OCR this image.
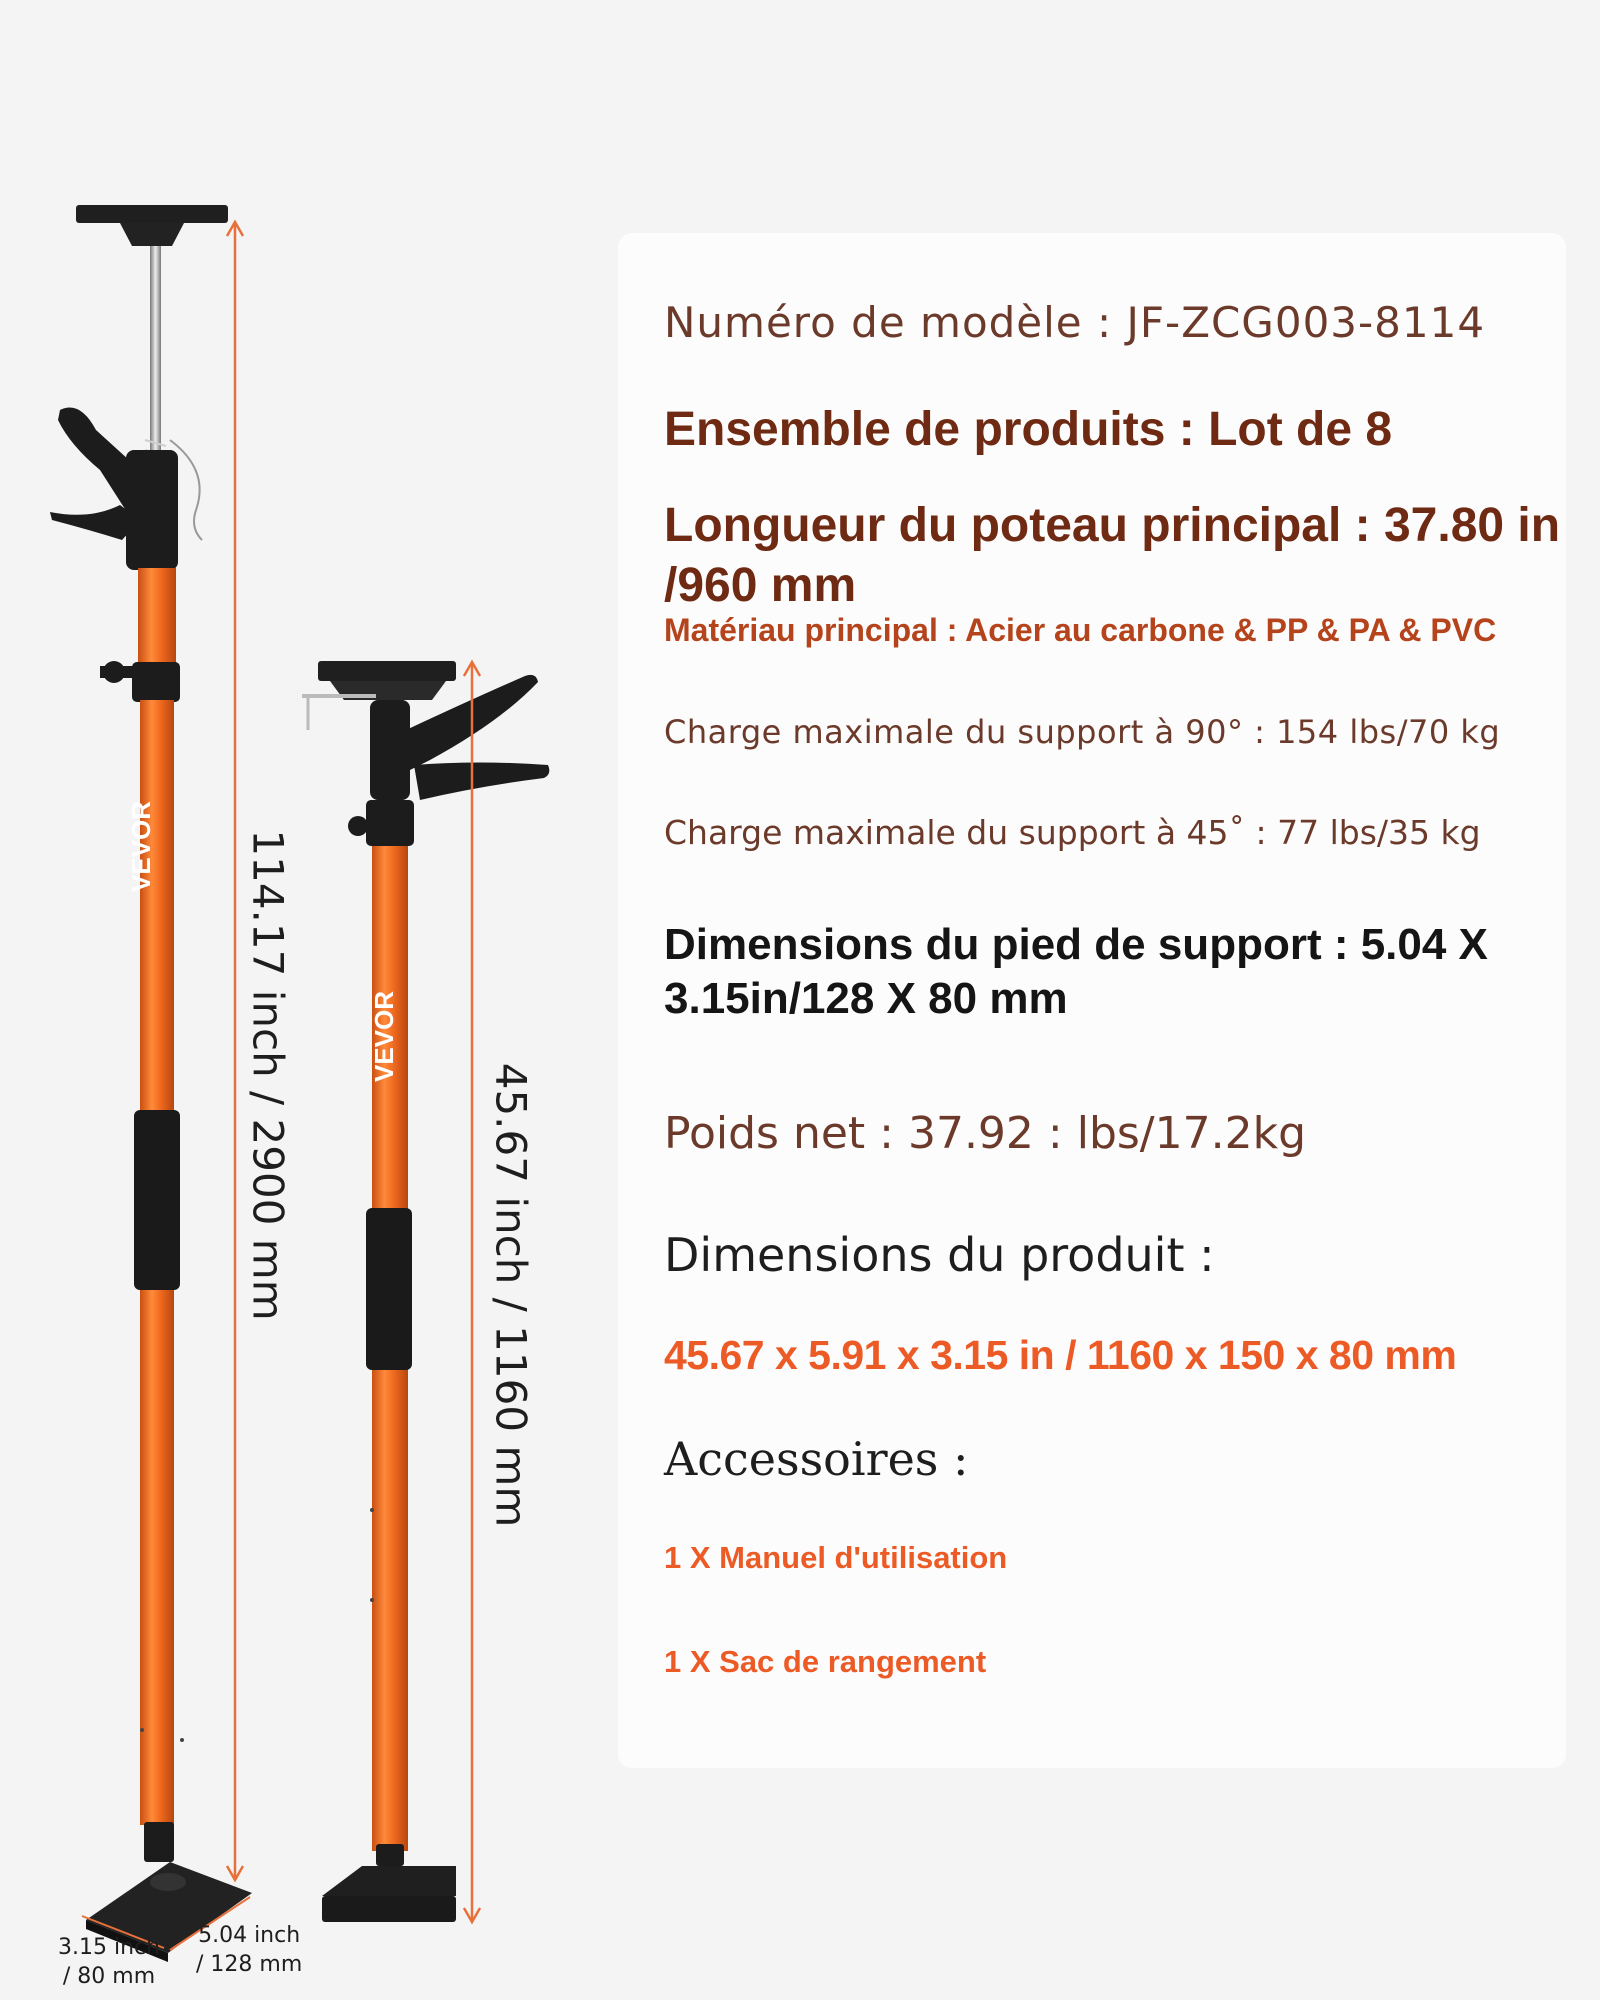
VEVOR
VEVOR
114.17 inch / 2900 mm	45.67 inch / 1160 mm
3.15 inch
/ 80 mm
5.04 inch
/ 128 mm

Numéro de modèle : JF-ZCG003-8114

Ensemble de produits : Lot de 8

Longueur du poteau principal : 37.80 in /960 mm

Matériau principal : Acier au carbone & PP & PA & PVC

Charge maximale du support à 90° : 154 lbs/70 kg

Charge maximale du support à 45˚ : 77 lbs/35 kg

Dimensions du pied de support : 5.04 X 3.15in/128 X 80 mm

Poids net : 37.92 : lbs/17.2kg

Dimensions du produit :

45.67 x 5.91 x 3.15 in / 1160 x 150 x 80 mm

Accessoires :

1 X Manuel d'utilisation

1 X Sac de rangement
